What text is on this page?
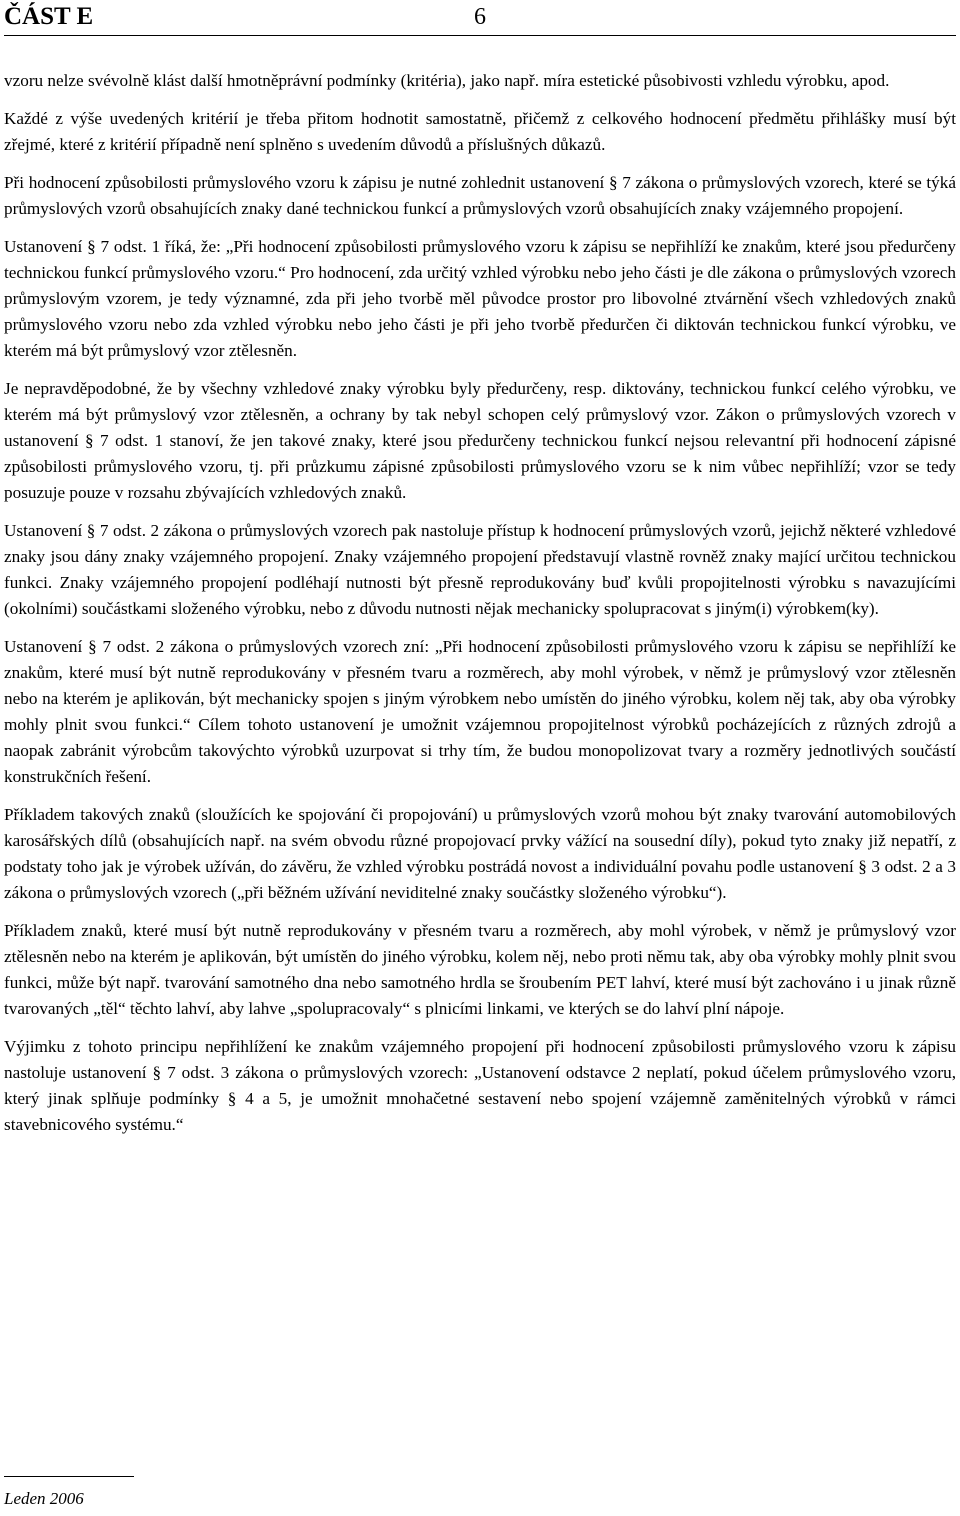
ČÁST E	6

vzoru nelze svévolně klást další hmotněprávní podmínky (kritéria), jako např. míra estetické působivosti vzhledu výrobku, apod.

Každé z výše uvedených kritérií je třeba přitom hodnotit samostatně, přičemž z celkového hodnocení předmětu přihlášky musí být zřejmé, které z kritérií případně není splněno s uvedením důvodů a příslušných důkazů.

Při hodnocení způsobilosti průmyslového vzoru k zápisu je nutné zohlednit ustanovení § 7 zákona o průmyslových vzorech, které se týká průmyslových vzorů obsahujících znaky dané technickou funkcí a průmyslových vzorů obsahujících znaky vzájemného propojení.

Ustanovení § 7 odst. 1 říká, že: „Při hodnocení způsobilosti průmyslového vzoru k zápisu se nepřihlíží ke znakům, které jsou předurčeny technickou funkcí průmyslového vzoru.“ Pro hodnocení, zda určitý vzhled výrobku nebo jeho části je dle zákona o průmyslových vzorech průmyslovým vzorem, je tedy významné, zda při jeho tvorbě měl původce prostor pro libovolné ztvárnění všech vzhledových znaků průmyslového vzoru nebo zda vzhled výrobku nebo jeho části je při jeho tvorbě předurčen či diktován technickou funkcí výrobku, ve kterém má být průmyslový vzor ztělesněn.

Je nepravděpodobné, že by všechny vzhledové znaky výrobku byly předurčeny, resp. diktovány, technickou funkcí celého výrobku, ve kterém má být průmyslový vzor ztělesněn, a ochrany by tak nebyl schopen celý průmyslový vzor. Zákon o průmyslových vzorech v ustanovení § 7 odst. 1 stanoví, že jen takové znaky, které jsou předurčeny technickou funkcí nejsou relevantní při hodnocení zápisné způsobilosti průmyslového vzoru, tj. při průzkumu zápisné způsobilosti průmyslového vzoru se k nim vůbec nepřihlíží; vzor se tedy posuzuje pouze v rozsahu zbývajících vzhledových znaků.

Ustanovení § 7 odst. 2 zákona o průmyslových vzorech pak nastoluje přístup k hodnocení průmyslových vzorů, jejichž některé vzhledové znaky jsou dány znaky vzájemného propojení. Znaky vzájemného propojení představují vlastně rovněž znaky mající určitou technickou funkci. Znaky vzájemného propojení podléhají nutnosti být přesně reprodukovány buď kvůli propojitelnosti výrobku s navazujícími (okolními) součástkami složeného výrobku, nebo z důvodu nutnosti nějak mechanicky spolupracovat s jiným(i) výrobkem(ky).

Ustanovení § 7 odst. 2 zákona o průmyslových vzorech zní: „Při hodnocení způsobilosti průmyslového vzoru k zápisu se nepřihlíží ke znakům, které musí být nutně reprodukovány v přesném tvaru a rozměrech, aby mohl výrobek, v němž je průmyslový vzor ztělesněn nebo na kterém je aplikován, být mechanicky spojen s jiným výrobkem nebo umístěn do jiného výrobku, kolem něj tak, aby oba výrobky mohly plnit svou funkci.“ Cílem tohoto ustanovení je umožnit vzájemnou propojitelnost výrobků pocházejících z různých zdrojů a naopak zabránit výrobcům takovýchto výrobků uzurpovat si trhy tím, že budou monopolizovat tvary a rozměry jednotlivých součástí konstrukčních řešení.

Příkladem takových znaků (sloužících ke spojování či propojování) u průmyslových vzorů mohou být znaky tvarování automobilových karosářských dílů (obsahujících např. na svém obvodu různé propojovací prvky vážící na sousední díly), pokud tyto znaky již nepatří, z podstaty toho jak je výrobek užíván, do závěru, že vzhled výrobku postrádá novost a individuální povahu podle ustanovení § 3 odst. 2 a 3 zákona o průmyslových vzorech („při běžném užívání neviditelné znaky součástky složeného výrobku“).

Příkladem znaků, které musí být nutně reprodukovány v přesném tvaru a rozměrech, aby mohl výrobek, v němž je průmyslový vzor ztělesněn nebo na kterém je aplikován, být umístěn do jiného výrobku, kolem něj, nebo proti němu tak, aby oba výrobky mohly plnit svou funkci, může být např. tvarování samotného dna nebo samotného hrdla se šroubením PET lahví, které musí být zachováno i u jinak různě tvarovaných „těl“ těchto lahví, aby lahve „spolupracovaly“ s plnicími linkami, ve kterých se do lahví plní nápoje.

Výjimku z tohoto principu nepřihlížení ke znakům vzájemného propojení při hodnocení způsobilosti průmyslového vzoru k zápisu nastoluje ustanovení § 7 odst. 3 zákona o průmyslových vzorech: „Ustanovení odstavce 2 neplatí, pokud účelem průmyslového vzoru, který jinak splňuje podmínky § 4 a 5, je umožnit mnohačetné sestavení nebo spojení vzájemně zaměnitelných výrobků v rámci stavebnicového systému.“

Leden 2006
